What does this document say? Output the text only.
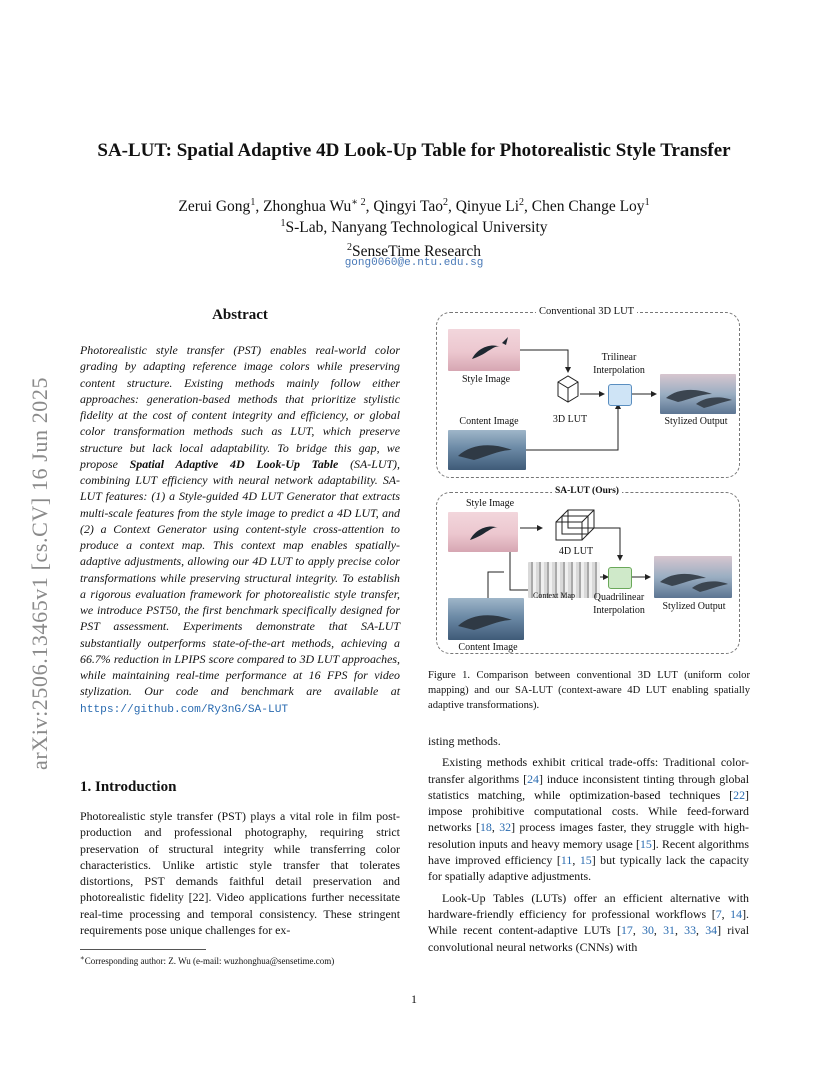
arXiv:2506.13465v1 [cs.CV] 16 Jun 2025
SA-LUT: Spatial Adaptive 4D Look-Up Table for Photorealistic Style Transfer
Zerui Gong$^1$, Zhonghua $Wu^{∗ 2}$, Qingyi Tao$^2$, Qinyue Li$^2$, Chen Change Loy$^1$
$^1$S-Lab, Nanyang Technological University
$^2$SenseTime Research
gong0060@e.ntu.edu.sg
Abstract
Photorealistic style transfer (PST) enables real-world color grading by adapting reference image colors while preserving content structure. Existing methods mainly follow either approaches: generation-based methods that prioritize stylistic fidelity at the cost of content integrity and efficiency, or global color transformation methods such as LUT, which preserve structure but lack local adaptability. To bridge this gap, we propose Spatial Adaptive 4D Look-Up Table (SA-LUT), combining LUT efficiency with neural network adaptability. SA-LUT features: (1) a Style-guided 4D LUT Generator that extracts multi-scale features from the style image to predict a 4D LUT, and (2) a Context Generator using content-style cross-attention to produce a context map. This context map enables spatially-adaptive adjustments, allowing our 4D LUT to apply precise color transformations while preserving structural integrity. To establish a rigorous evaluation framework for photorealistic style transfer, we introduce PST50, the first benchmark specifically designed for PST assessment. Experiments demonstrate that SA-LUT substantially outperforms state-of-the-art methods, achieving a 66.7% reduction in LPIPS score compared to 3D LUT approaches, while maintaining real-time performance at 16 FPS for video stylization. Our code and benchmark are available at https://github.com/Ry3nG/SA-LUT
1. Introduction
Photorealistic style transfer (PST) plays a vital role in film post-production and professional photography, requiring strict preservation of structural integrity while transferring color characteristics. Unlike artistic style transfer that tolerates distortions, PST demands faithful detail preservation and photorealistic fidelity [22]. Video applications further necessitate real-time processing and temporal consistency. These stringent requirements pose unique challenges for ex-
∗Corresponding author: Z. Wu (e-mail: wuzhonghua@sensetime.com)
Conventional 3D LUT
Style Image
Content Image	3D LUT
Trilinear
Interpolation
Stylized Output
SA-LUT (Ours)
Style Image
4D LUT
Context Map	Quadrilinear
Interpolation	Stylized Output
Content Image
Figure 1. Comparison between conventional 3D LUT (uniform color mapping) and our SA-LUT (context-aware 4D LUT enabling spatially adaptive transformations).

isting methods.

Existing methods exhibit critical trade-offs: Traditional color-transfer algorithms [24] induce inconsistent tinting through global statistics matching, while optimization-based techniques [22] impose prohibitive computational costs. While feed-forward networks [18, 32] process images faster, they struggle with high-resolution inputs and heavy memory usage [15]. Recent algorithms have improved efficiency [11, 15] but typically lack the capacity for spatially adaptive adjustments.

Look-Up Tables (LUTs) offer an efficient alternative with hardware-friendly efficiency for professional workflows [7, 14]. While recent content-adaptive LUTs [17, 30, 31, 33, 34] rival convolutional neural networks (CNNs) with

1
